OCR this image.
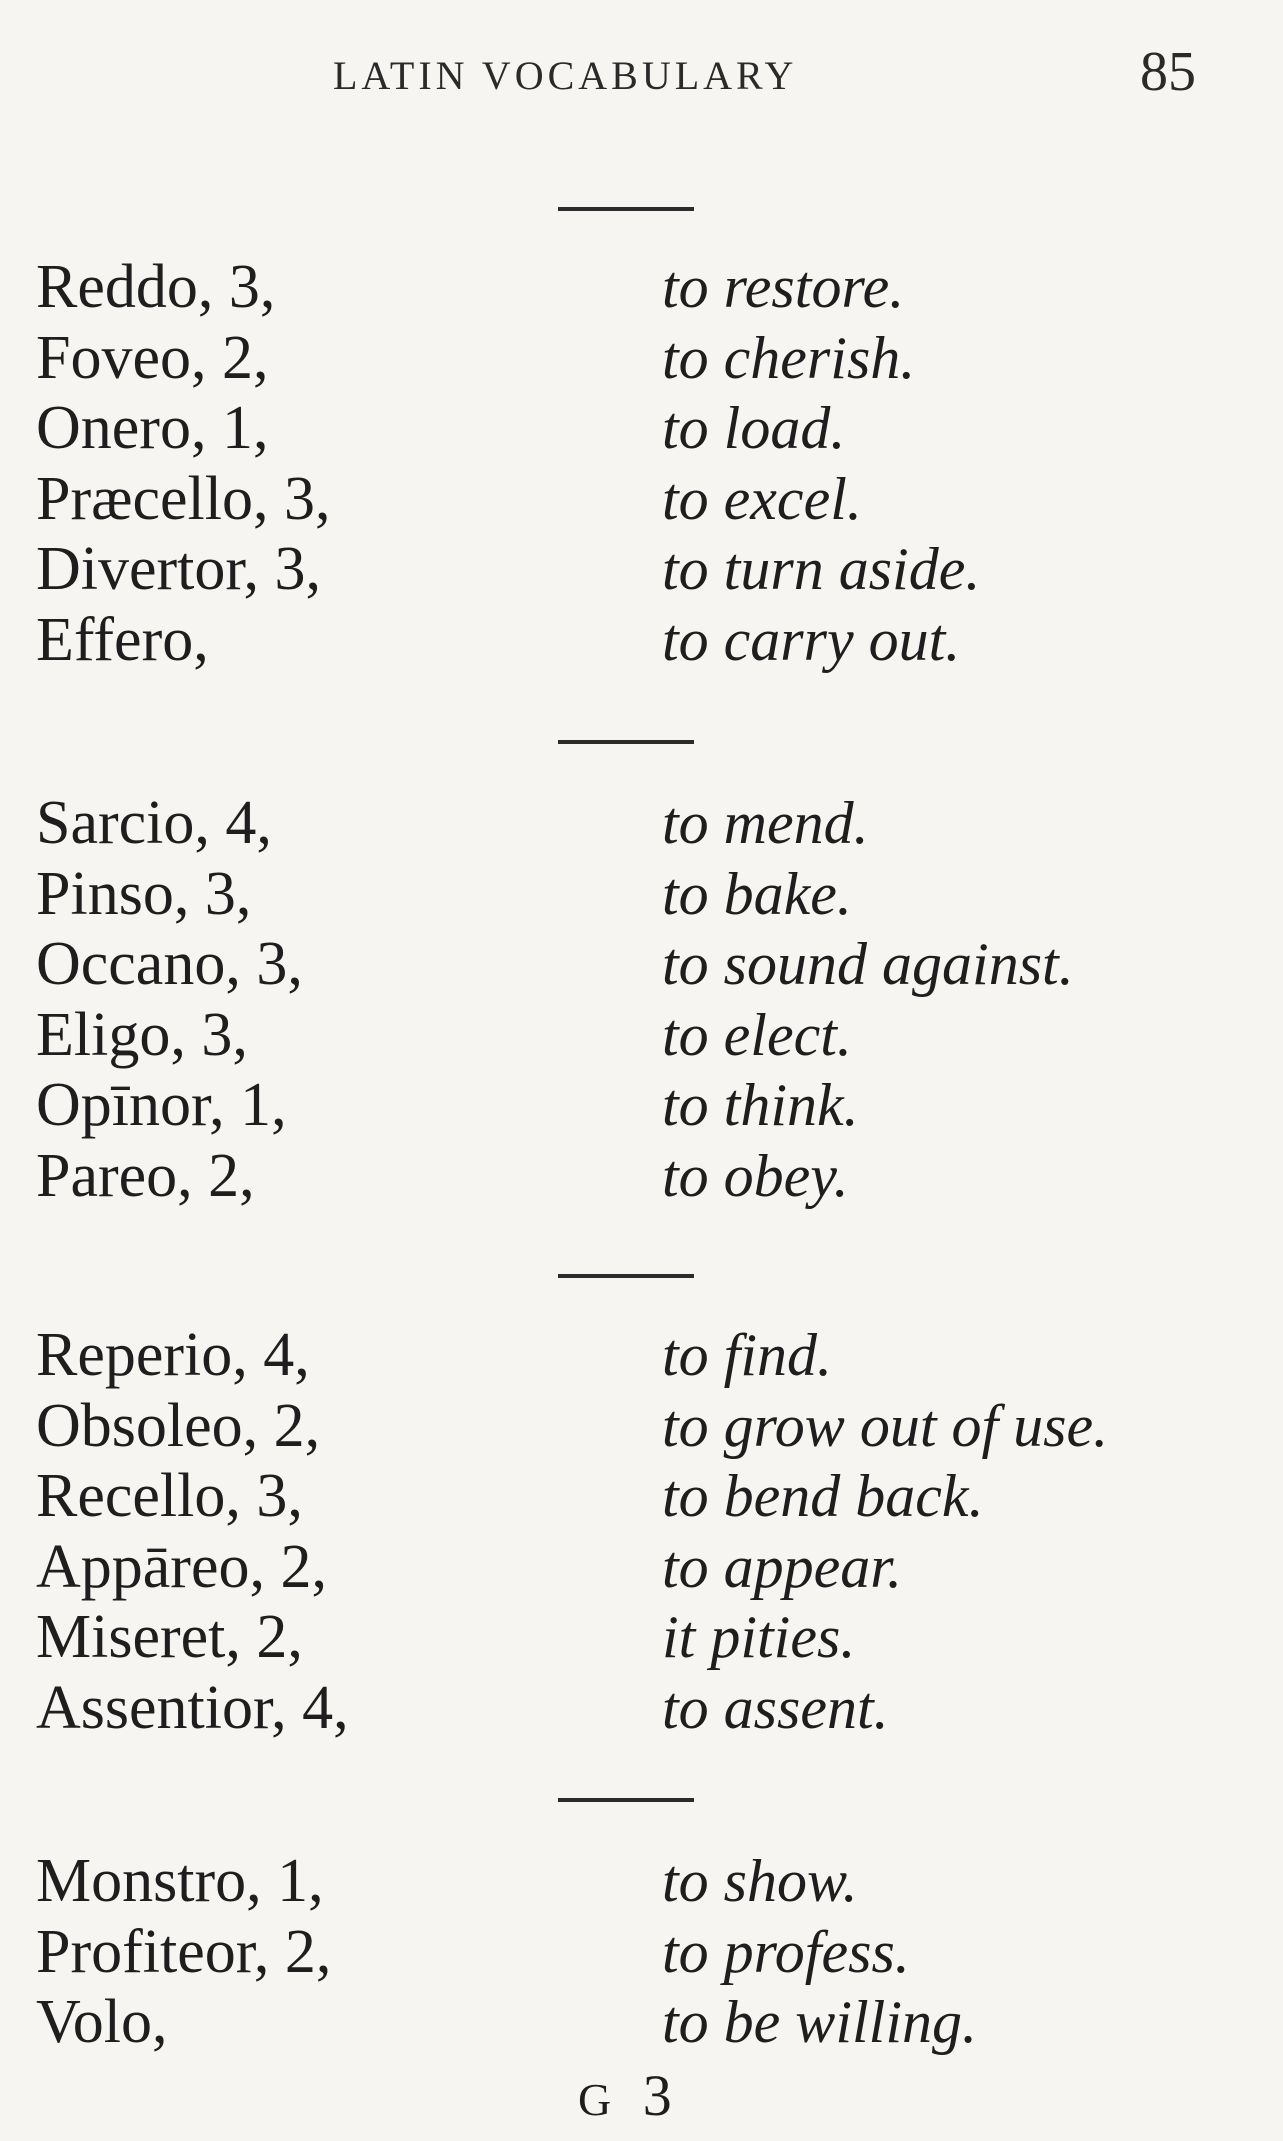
LATIN VOCABULARY	85
Reddo, 3,	to restore.
Foveo, 2,	to cherish.
Onero, 1,	to load.
Præcello, 3,	to excel.
Divertor, 3,	to turn aside.
Effero,	to carry out.
Sarcio, 4,	to mend.
Pinso, 3,	to bake.
Occano, 3,	to sound against.
Eligo, 3,	to elect.
Opīnor, 1,	to think.
Pareo, 2,	to obey.
Reperio, 4,	to find.
Obsoleo, 2,	to grow out of use.
Recello, 3,	to bend back.
Appāreo, 2,	to appear.
Miseret, 2,	it pities.
Assentior, 4,	to assent.
Monstro, 1,	to show.
Profiteor, 2,	to profess.
Volo,	to be willing.
G 3
